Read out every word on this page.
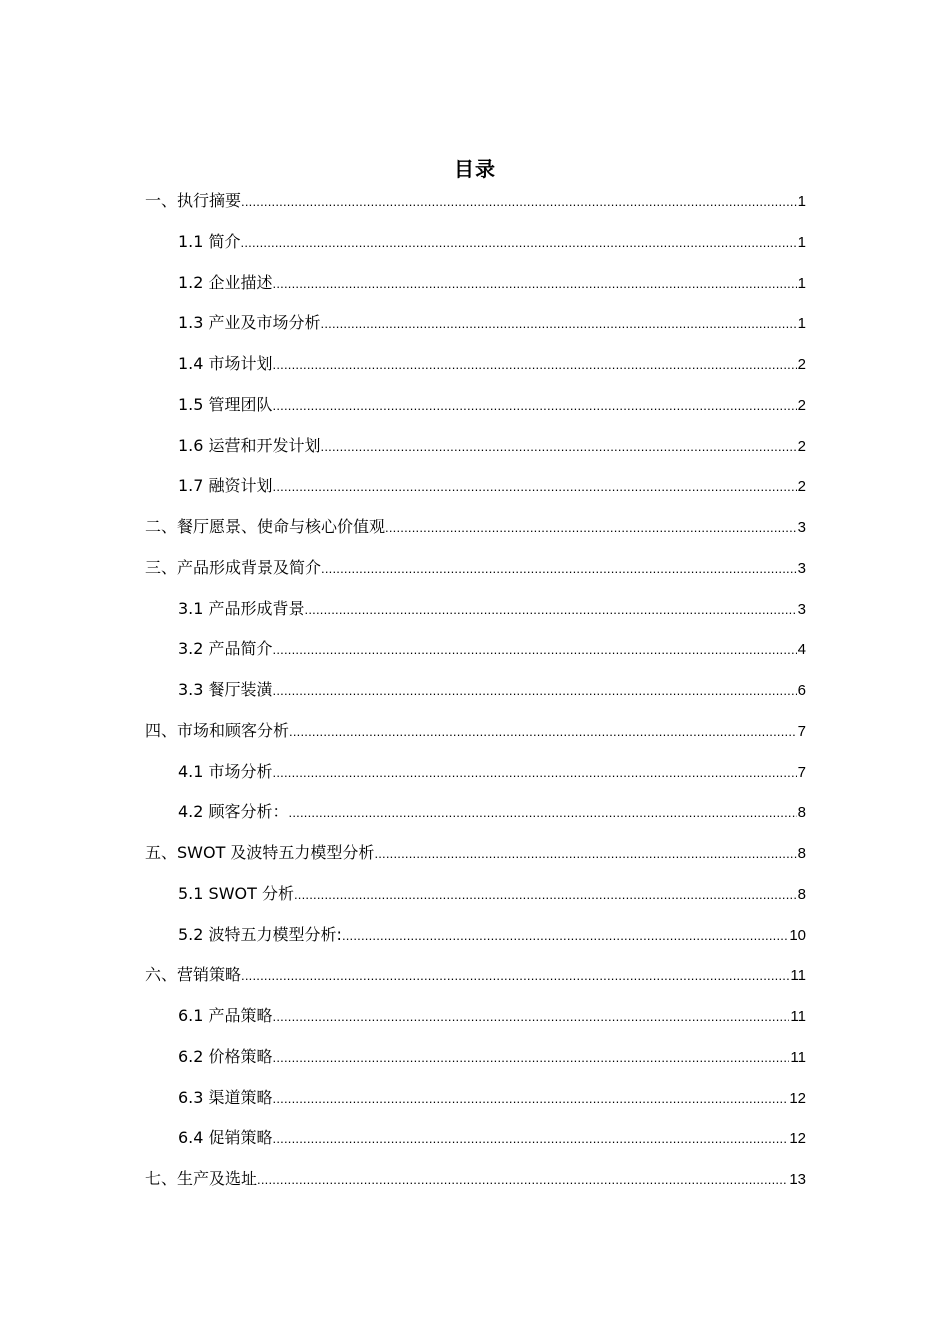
目录
一、执行摘要 .....	1
1.1 简介 .....	1
1.2 企业描述 .....	1
1.3 产业及市场分析 .....	1
1.4 市场计划 .....	2
1.5 管理团队 .....	2
1.6 运营和开发计划 .....	2
1.7 融资计划 .....	2
二、餐厅愿景、使命与核心价值观 .....	3
三、产品形成背景及简介 .....	3
3.1 产品形成背景 .....	3
3.2 产品简介 .....	4
3.3 餐厅装潢 .....	6
四、市场和顾客分析 .....	7
4.1 市场分析 .....	7
4.2 顾客分析： .....	8
五、SWOT 及波特五力模型分析 .....	8
5.1 SWOT 分析 .....	8
5.2 波特五力模型分析: .....	10
六、营销策略 .....	11
6.1 产品策略 .....	11
6.2 价格策略 .....	11
6.3 渠道策略 .....	12
6.4 促销策略 .....	12
七、生产及选址 .....	13
